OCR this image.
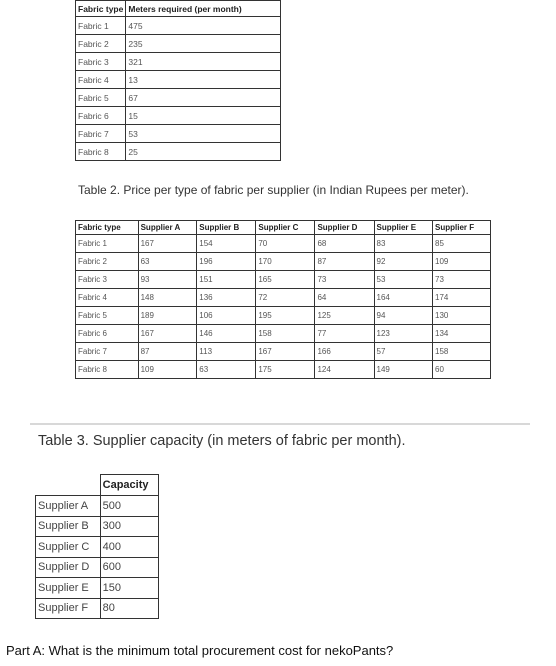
Fabric type	Meters required (per month)
Fabric 1	475
Fabric 2	235
Fabric 3	321
Fabric 4	13
Fabric 5	67
Fabric 6	15
Fabric 7	53
Fabric 8	25
Table 2. Price per type of fabric per supplier (in Indian Rupees per meter).
Fabric type	Supplier A	Supplier B	Supplier C	Supplier D	Supplier E	Supplier F
Fabric 1	167	154	70	68	83	85
Fabric 2	63	196	170	87	92	109
Fabric 3	93	151	165	73	53	73
Fabric 4	148	136	72	64	164	174
Fabric 5	189	106	195	125	94	130
Fabric 6	167	146	158	77	123	134
Fabric 7	87	113	167	166	57	158
Fabric 8	109	63	175	124	149	60
Table 3. Supplier capacity (in meters of fabric per month).
	Capacity
Supplier A	500
Supplier B	300
Supplier C	400
Supplier D	600
Supplier E	150
Supplier F	80
Part A: What is the minimum total procurement cost for nekoPants?
